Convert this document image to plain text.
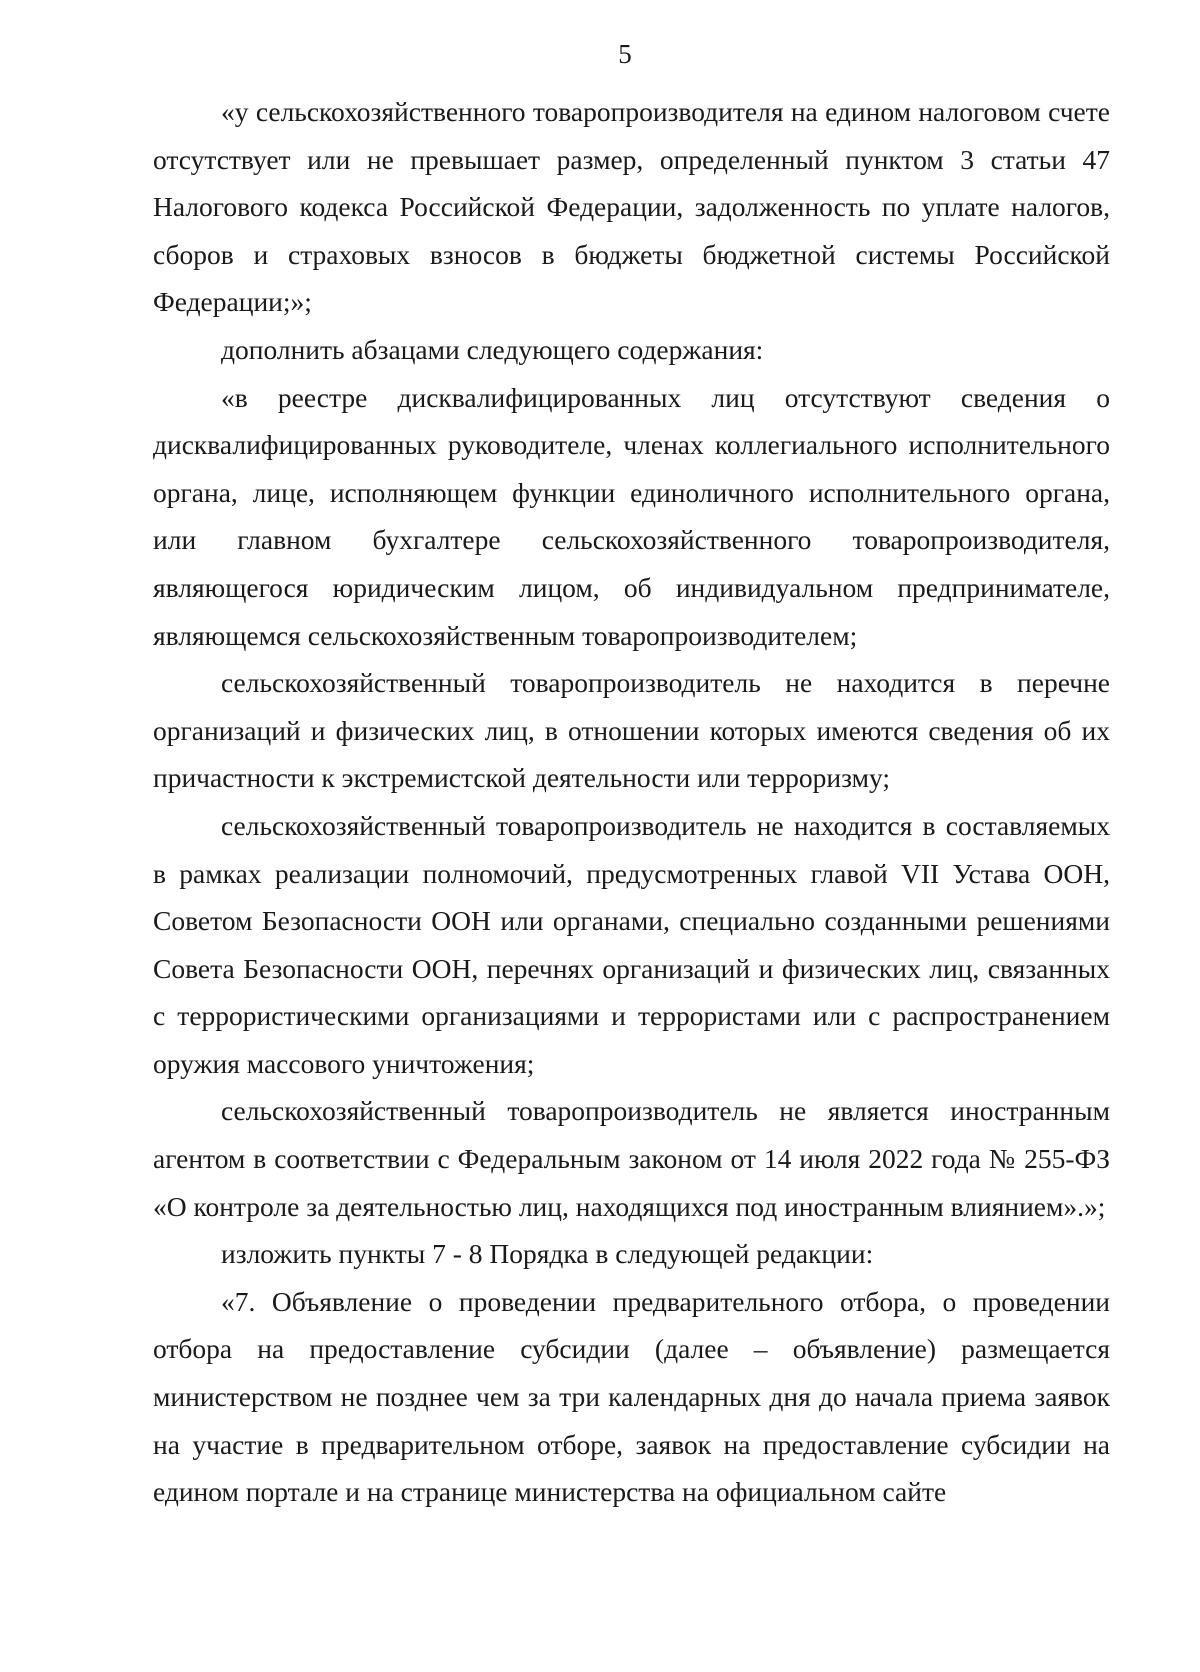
5

«у сельскохозяйственного товаропроизводителя на едином налоговом счете отсутствует или не превышает размер, определенный пунктом 3 статьи 47 Налогового кодекса Российской Федерации, задолженность по уплате налогов, сборов и страховых взносов в бюджеты бюджетной системы Российской Федерации;»;

дополнить абзацами следующего содержания:

«в реестре дисквалифицированных лиц отсутствуют сведения о дисквалифицированных руководителе, членах коллегиального исполнительного органа, лице, исполняющем функции единоличного исполнительного органа, или главном бухгалтере сельскохозяйственного товаропроизводителя, являющегося юридическим лицом, об индивидуальном предпринимателе, являющемся сельскохозяйственным товаропроизводителем;

сельскохозяйственный товаропроизводитель не находится в перечне организаций и физических лиц, в отношении которых имеются сведения об их причастности к экстремистской деятельности или терроризму;

сельскохозяйственный товаропроизводитель не находится в составляемых в рамках реализации полномочий, предусмотренных главой VII Устава ООН, Советом Безопасности ООН или органами, специально созданными решениями Совета Безопасности ООН, перечнях организаций и физических лиц, связанных с террористическими организациями и террористами или с распространением оружия массового уничтожения;

сельскохозяйственный товаропроизводитель не является иностранным агентом в соответствии с Федеральным законом от 14 июля 2022 года № 255-ФЗ «О контроле за деятельностью лиц, находящихся под иностранным влиянием».»;

изложить пункты 7 - 8 Порядка в следующей редакции:

«7. Объявление о проведении предварительного отбора, о проведении отбора на предоставление субсидии (далее – объявление) размещается министерством не позднее чем за три календарных дня до начала приема заявок на участие в предварительном отборе, заявок на предоставление субсидии на едином портале и на странице министерства на официальном сайте
